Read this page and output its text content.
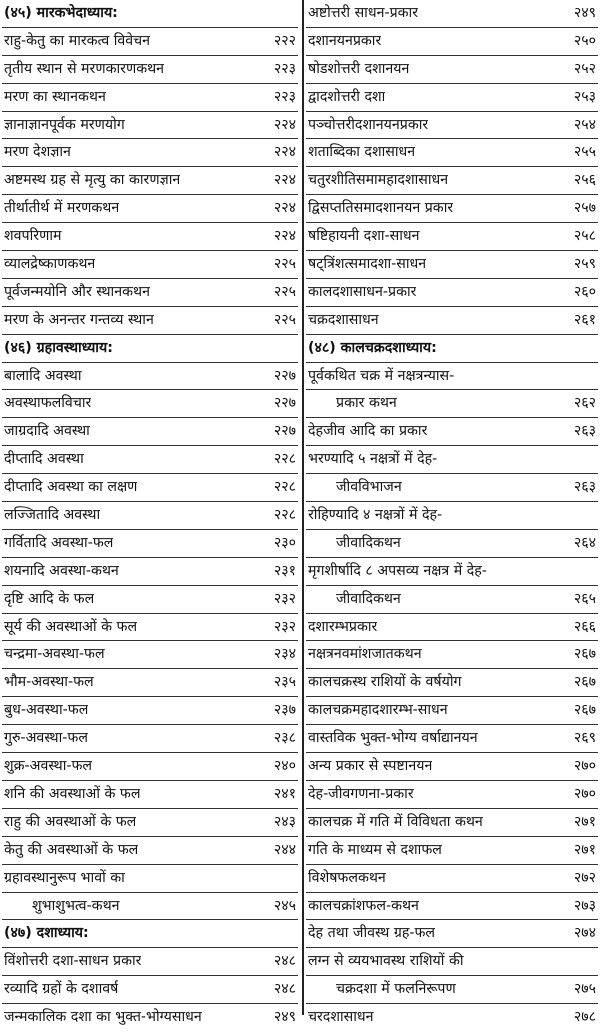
(४५) मारकभेदाध्याय:
राहु-केतु का मारकत्व विवेचन	२२२
तृतीय स्थान से मरणकारणकथन	२२३
मरण का स्थानकथन	२२३
ज्ञानाज्ञानपूर्वक मरणयोग	२२४
मरण देशज्ञान	२२४
अष्टमस्थ ग्रह से मृत्यु का कारणज्ञान	२२४
तीर्थातीर्थ में मरणकथन	२२४
शवपरिणाम	२२४
व्यालद्रेष्काणकथन	२२५
पूर्वजन्मयोनि और स्थानकथन	२२५
मरण के अनन्तर गन्तव्य स्थान	२२५
(४६) ग्रहावस्थाध्याय:
बालादि अवस्था	२२७
अवस्थाफलविचार	२२७
जाग्रदादि अवस्था	२२७
दीप्तादि अवस्था	२२८
दीप्तादि अवस्था का लक्षण	२२८
लज्जितादि अवस्था	२२८
गर्वितादि अवस्था-फल	२३०
शयनादि अवस्था-कथन	२३१
दृष्टि आदि के फल	२३२
सूर्य की अवस्थाओं के फल	२३२
चन्द्रमा-अवस्था-फल	२३४
भौम-अवस्था-फल	२३५
बुध-अवस्था-फल	२३७
गुरु-अवस्था-फल	२३८
शुक्र-अवस्था-फल	२४०
शनि की अवस्थाओं के फल	२४१
राहु की अवस्थाओं के फल	२४३
केतु की अवस्थाओं के फल	२४४
ग्रहावस्थानुरूप भावों का
शुभाशुभत्व-कथन	२४५
(४७) दशाध्याय:
विंशोत्तरी दशा-साधन प्रकार	२४८
रव्यादि ग्रहों के दशावर्ष	२४८
जन्मकालिक दशा का भुक्त-भोग्यसाधन	२४९
अष्टोत्तरी साधन-प्रकार	२४९
दशानयनप्रकार	२५०
षोडशोत्तरी दशानयन	२५२
द्वादशोत्तरी दशा	२५३
पञ्चोत्तरीदशानयनप्रकार	२५४
शताब्दिका दशासाधन	२५५
चतुरशीतिसमामहादशासाधन	२५६
द्विसप्ततिसमादशानयन प्रकार	२५७
षष्टिहायनी दशा-साधन	२५८
षट्त्रिंशत्समादशा-साधन	२५९
कालदशासाधन-प्रकार	२६०
चक्रदशासाधन	२६१
(४८) कालचक्रदशाध्याय:
पूर्वकथित चक्र में नक्षत्रन्यास-
प्रकार कथन	२६२
देहजीव आदि का प्रकार	२६३
भरण्यादि ५ नक्षत्रों में देह-
जीवविभाजन	२६३
रोहिण्यादि ४ नक्षत्रों में देह-
जीवादिकथन	२६४
मृगशीर्षादि ८ अपसव्य नक्षत्र में देह-
जीवादिकथन	२६५
दशारम्भप्रकार	२६६
नक्षत्रनवमांशजातकथन	२६७
कालचक्रस्थ राशियों के वर्षयोग	२६७
कालचक्रमहादशारम्भ-साधन	२६७
वास्तविक भुक्त-भोग्य वर्षाद्यानयन	२६९
अन्य प्रकार से स्पष्टानयन	२७०
देह-जीवगणना-प्रकार	२७०
कालचक्र में गति में विविधता कथन	२७१
गति के माध्यम से दशाफल	२७१
विशेषफलकथन	२७२
कालचक्रांशफल-कथन	२७३
देह तथा जीवस्थ ग्रह-फल	२७४
लग्न से व्ययभावस्थ राशियों की
चक्रदशा में फलनिरूपण	२७५
चरदशासाधन	२७८
